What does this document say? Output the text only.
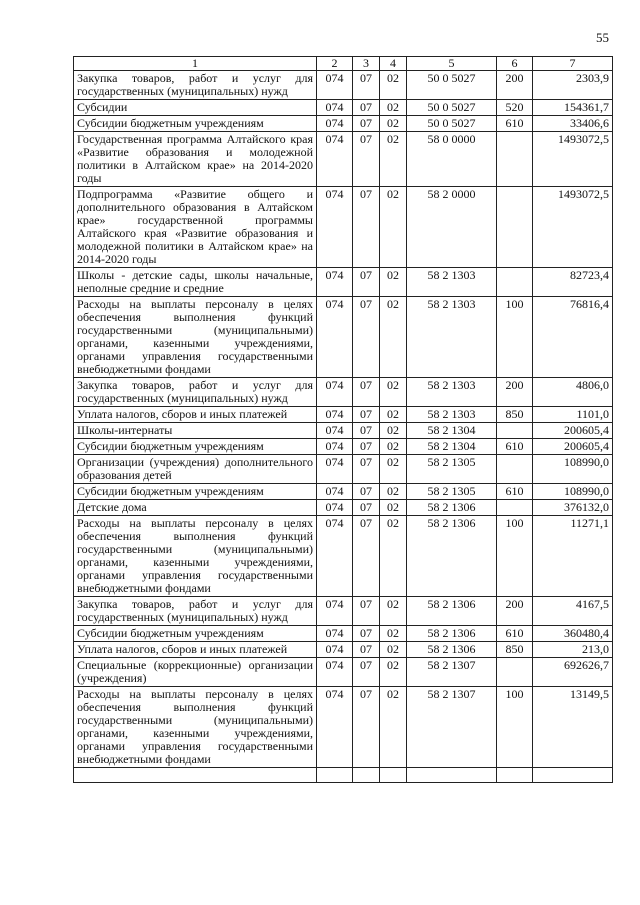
55
1	2	3	4	5	6	7
Закупка товаров, работ и услуг для государственных (муниципальных) нужд	074	07	02	50 0 5027	200	2303,9
Субсидии	074	07	02	50 0 5027	520	154361,7
Субсидии бюджетным учреждениям	074	07	02	50 0 5027	610	33406,6
Государственная программа Алтайского края «Развитие образования и молодежной политики в Алтайском крае» на 2014-2020 годы	074	07	02	58 0 0000		1493072,5
Подпрограмма «Развитие общего и дополнительного образования в Алтайском крае» государственной программы Алтайского края «Развитие образования и молодежной политики в Алтайском крае» на 2014-2020 годы	074	07	02	58 2 0000		1493072,5
Школы - детские сады, школы начальные, неполные средние и средние	074	07	02	58 2 1303		82723,4
Расходы на выплаты персоналу в целях обеспечения выполнения функций государственными (муниципальными) органами, казенными учреждениями, органами управления государственными внебюджетными фондами	074	07	02	58 2 1303	100	76816,4
Закупка товаров, работ и услуг для государственных (муниципальных) нужд	074	07	02	58 2 1303	200	4806,0
Уплата налогов, сборов и иных платежей	074	07	02	58 2 1303	850	1101,0
Школы-интернаты	074	07	02	58 2 1304		200605,4
Субсидии бюджетным учреждениям	074	07	02	58 2 1304	610	200605,4
Организации (учреждения) дополнительного образования детей	074	07	02	58 2 1305		108990,0
Субсидии бюджетным учреждениям	074	07	02	58 2 1305	610	108990,0
Детские дома	074	07	02	58 2 1306		376132,0
Расходы на выплаты персоналу в целях обеспечения выполнения функций государственными (муниципальными) органами, казенными учреждениями, органами управления государственными внебюджетными фондами	074	07	02	58 2 1306	100	11271,1
Закупка товаров, работ и услуг для государственных (муниципальных) нужд	074	07	02	58 2 1306	200	4167,5
Субсидии бюджетным учреждениям	074	07	02	58 2 1306	610	360480,4
Уплата налогов, сборов и иных платежей	074	07	02	58 2 1306	850	213,0
Специальные (коррекционные) организации (учреждения)	074	07	02	58 2 1307		692626,7
Расходы на выплаты персоналу в целях обеспечения выполнения функций государственными (муниципальными) органами, казенными учреждениями, органами управления государственными внебюджетными фондами	074	07	02	58 2 1307	100	13149,5
